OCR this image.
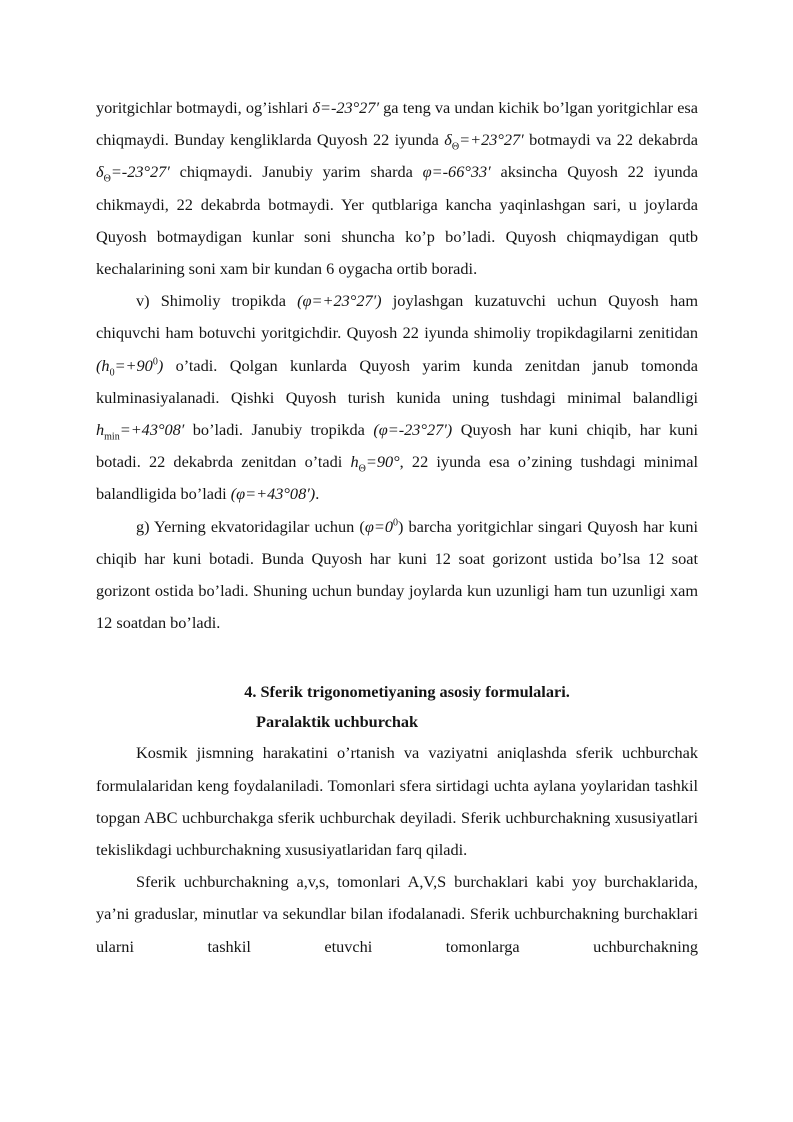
yoritgichlar botmaydi, og’ishlari δ=-23°27′ ga teng va undan kichik bo’lgan yoritgichlar esa chiqmaydi. Bunday kengliklarda Quyosh 22 iyunda $\delta_\Theta=+23^\circ 27'$ botmaydi va 22 dekabrda $\delta_\Theta=-23^\circ 27'$ chiqmaydi. Janubiy yarim sharda φ=-66°33′ aksincha Quyosh 22 iyunda chikmaydi, 22 dekabrda botmaydi. Yer qutblariga kancha yaqinlashgan sari, u joylarda Quyosh botmaydigan kunlar soni shuncha ko’p bo’ladi. Quyosh chiqmaydigan qutb kechalarining soni xam bir kundan 6 oygacha ortib boradi.

v) Shimoliy tropikda (φ=+23°27′) joylashgan kuzatuvchi uchun Quyosh ham chiquvchi ham botuvchi yoritgichdir. Quyosh 22 iyunda shimoliy tropikdagilarni zenitidan $(h_0=+90^0)$ o’tadi. Qolgan kunlarda Quyosh yarim kunda zenitdan janub tomonda kulminasiyalanadi. Qishki Quyosh turish kunida uning tushdagi minimal balandligi $h_{min}=+43^\circ 08'$ bo’ladi. Janubiy tropikda (φ=-23°27′) Quyosh har kuni chiqib, har kuni botadi. 22 dekabrda zenitdan o’tadi $h_\Theta=90^\circ$, 22 iyunda esa o’zining tushdagi minimal balandligida bo’ladi (φ=+43°08′).

g) Yerning ekvatoridagilar uchun $(\varphi=0^0)$ barcha yoritgichlar singari Quyosh har kuni chiqib har kuni botadi. Bunda Quyosh har kuni 12 soat gorizont ustida bo’lsa 12 soat gorizont ostida bo’ladi. Shuning uchun bunday joylarda kun uzunligi ham tun uzunligi xam 12 soatdan bo’ladi.

4. Sferik trigonometiyaning asosiy formulalari.

Paralaktik uchburchak

Kosmik jismning harakatini o’rtanish va vaziyatni aniqlashda sferik uchburchak formulalaridan keng foydalaniladi. Tomonlari sfera sirtidagi uchta aylana yoylaridan tashkil topgan ABC uchburchakga sferik uchburchak deyiladi. Sferik uchburchakning xususiyatlari tekislikdagi uchburchakning xususiyatlaridan farq qiladi.

Sferik uchburchakning a,v,s, tomonlari A,V,S burchaklari kabi yoy burchaklarida, ya’ni graduslar, minutlar va sekundlar bilan ifodalanadi. Sferik uchburchakning burchaklari ularni tashkil etuvchi tomonlarga uchburchakning
